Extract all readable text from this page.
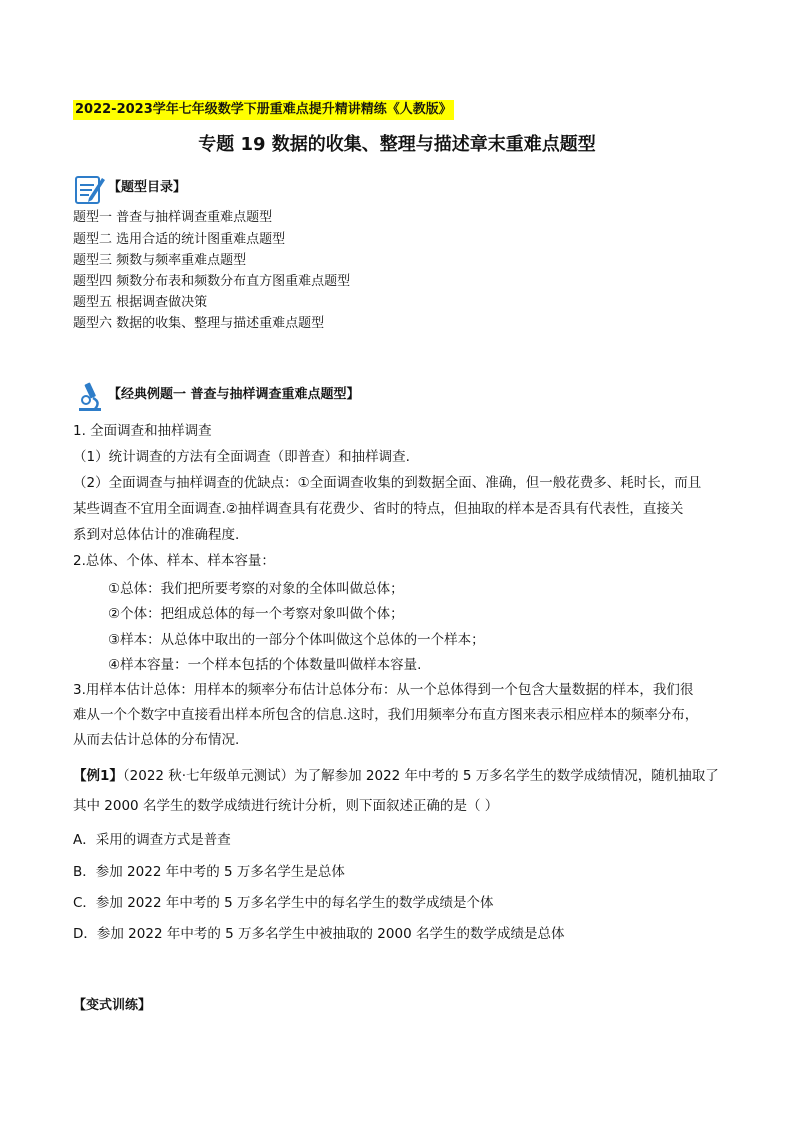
2022-2023学年七年级数学下册重难点提升精讲精练《人教版》
专题 19 数据的收集、整理与描述章末重难点题型
【题型目录】
题型一 普查与抽样调查重难点题型
题型二 选用合适的统计图重难点题型
题型三 频数与频率重难点题型
题型四 频数分布表和频数分布直方图重难点题型
题型五 根据调查做决策
题型六 数据的收集、整理与描述重难点题型
【经典例题一 普查与抽样调查重难点题型】
1. 全面调查和抽样调查
（1）统计调查的方法有全面调查（即普查）和抽样调查.
（2）全面调查与抽样调查的优缺点：①全面调查收集的到数据全面、准确，但一般花费多、耗时长，而且
某些调查不宜用全面调查.②抽样调查具有花费少、省时的特点，但抽取的样本是否具有代表性，直接关
系到对总体估计的准确程度.
2.总体、个体、样本、样本容量：
①总体：我们把所要考察的对象的全体叫做总体；
②个体：把组成总体的每一个考察对象叫做个体；
③样本：从总体中取出的一部分个体叫做这个总体的一个样本；
④样本容量：一个样本包括的个体数量叫做样本容量.
3.用样本估计总体：用样本的频率分布估计总体分布：从一个总体得到一个包含大量数据的样本，我们很
难从一个个数字中直接看出样本所包含的信息.这时，我们用频率分布直方图来表示相应样本的频率分布，
从而去估计总体的分布情况.
【例1】（2022 秋·七年级单元测试）为了解参加 2022 年中考的 5 万多名学生的数学成绩情况，随机抽取了
其中 2000 名学生的数学成绩进行统计分析，则下面叙述正确的是（ ）
A．采用的调查方式是普查
B．参加 2022 年中考的 5 万多名学生是总体
C．参加 2022 年中考的 5 万多名学生中的每名学生的数学成绩是个体
D．参加 2022 年中考的 5 万多名学生中被抽取的 2000 名学生的数学成绩是总体
【变式训练】
